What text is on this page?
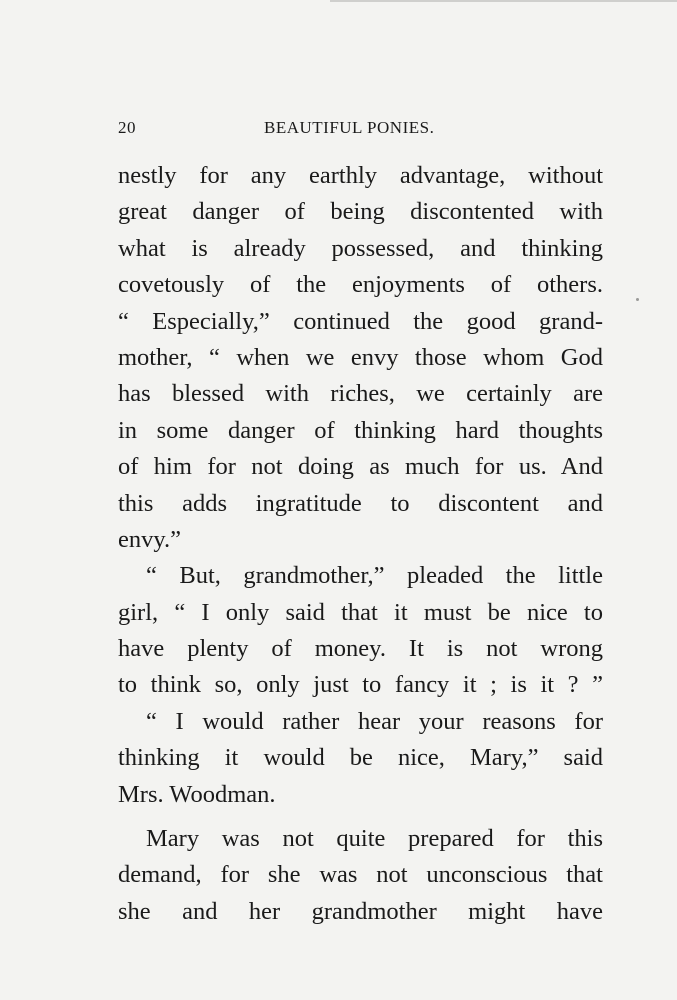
20	BEAUTIFUL PONIES.
nestly for any earthly advantage, without
great danger of being discontented with
what is already possessed, and thinking
covetously of the enjoyments of others.
“ Especially,” continued the good grand-
mother, “ when we envy those whom God
has blessed with riches, we certainly are
in some danger of thinking hard thoughts
of him for not doing as much for us. And
this adds ingratitude to discontent and
envy.”
“ But, grandmother,” pleaded the little
girl, “ I only said that it must be nice to
have plenty of money. It is not wrong
to think so, only just to fancy it ; is it ? ”
“ I would rather hear your reasons for
thinking it would be nice, Mary,” said
Mrs. Woodman.
Mary was not quite prepared for this
demand, for she was not unconscious that
she and her grandmother might have
